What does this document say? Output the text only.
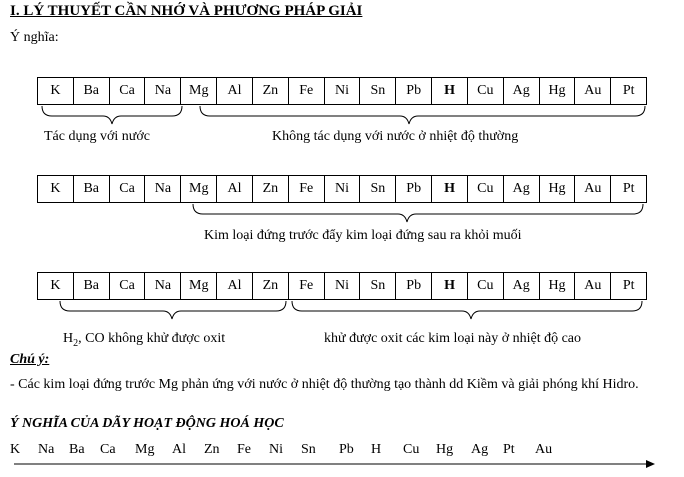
I. LÝ THUYẾT CẦN NHỚ VÀ PHƯƠNG PHÁP GIẢI
Ý nghĩa:
K	Ba	Ca	Na	Mg	Al	Zn	Fe	Ni	Sn	Pb	H	Cu	Ag	Hg	Au	Pt
Tác dụng với nước	Không tác dụng với nước ở nhiệt độ thường
K	Ba	Ca	Na	Mg	Al	Zn	Fe	Ni	Sn	Pb	H	Cu	Ag	Hg	Au	Pt
Kim loại đứng trước đẩy kim loại đứng sau ra khỏi muối
K	Ba	Ca	Na	Mg	Al	Zn	Fe	Ni	Sn	Pb	H	Cu	Ag	Hg	Au	Pt
$H_2$, CO không khử được oxit	khử được oxit các kim loại này ở nhiệt độ cao
Chú ý:
- Các kim loại đứng trước Mg phản ứng với nước ở nhiệt độ thường tạo thành dd Kiềm và giải phóng khí Hidro.
Ý NGHĨA CỦA DÃY HOẠT ĐỘNG HOÁ HỌC
K	Na	Ba	Ca	Mg	Al	Zn	Fe	Ni	Sn	Pb	H	Cu	Hg	Ag	Pt	Au
